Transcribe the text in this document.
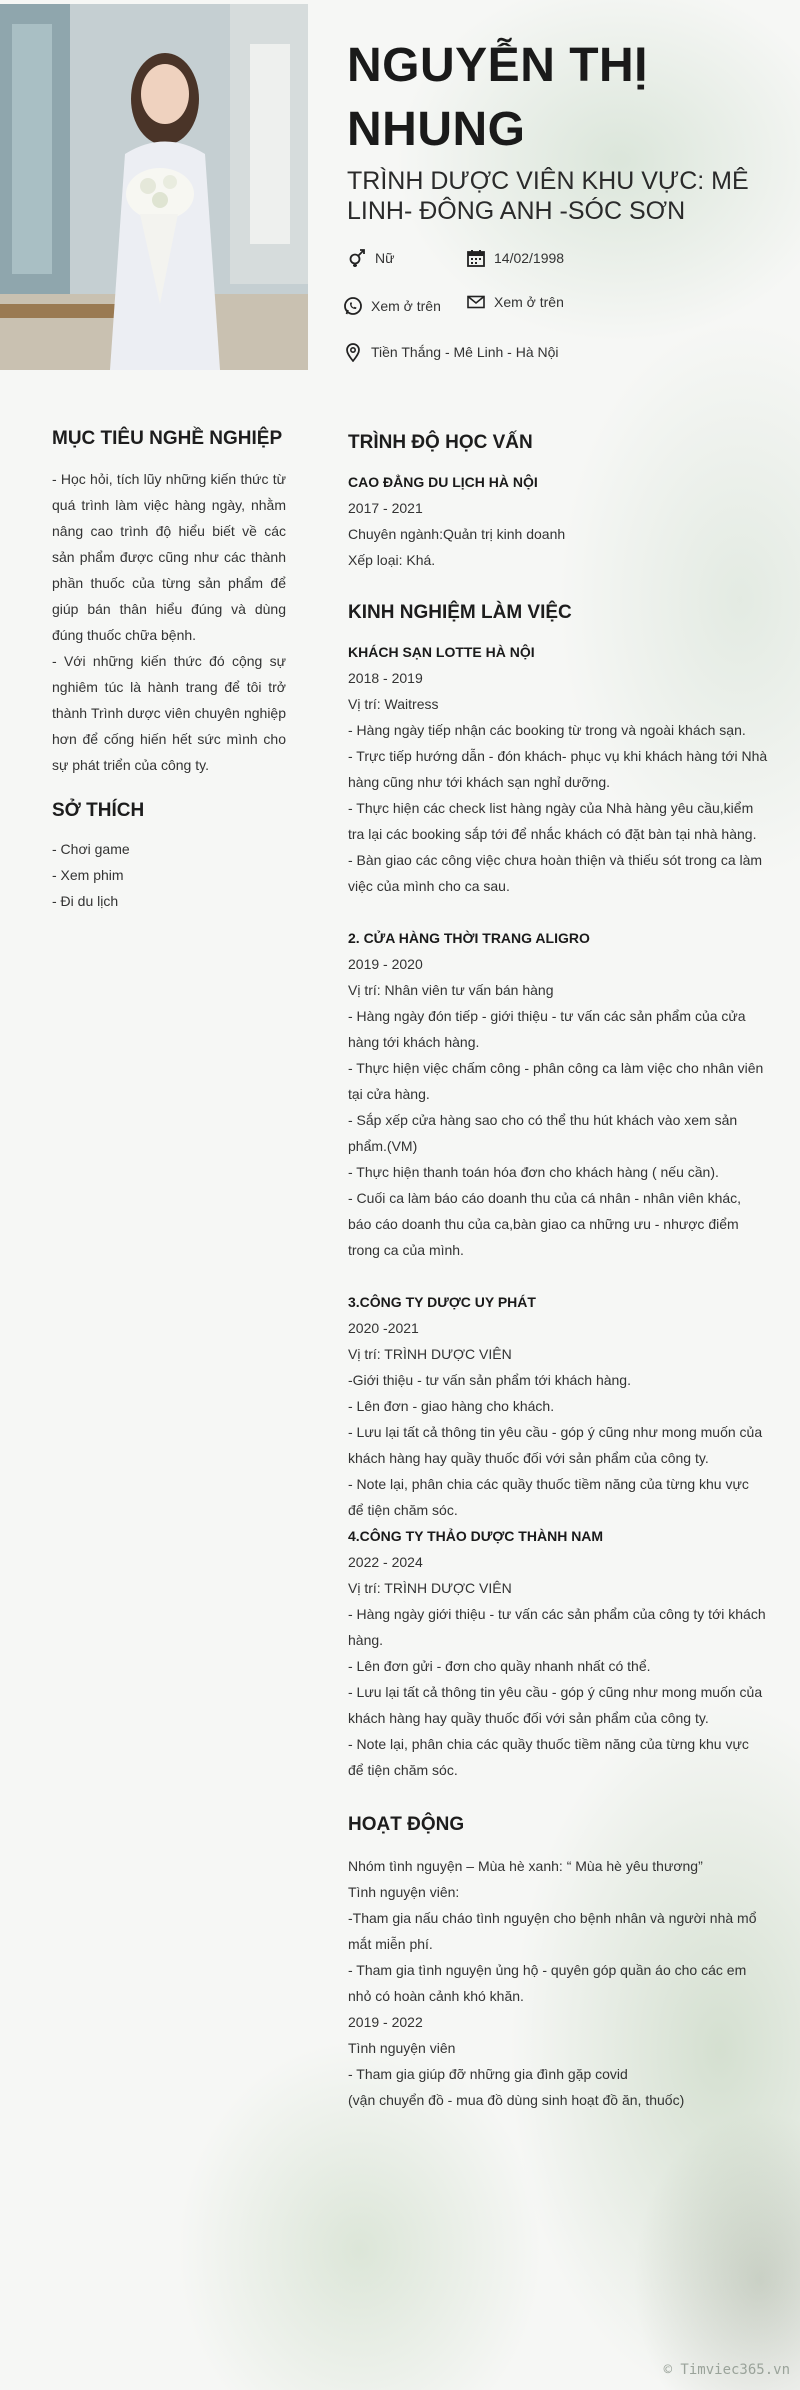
NGUYỄN THỊ NHUNG
TRÌNH DƯỢC VIÊN KHU VỰC: MÊ LINH- ĐÔNG ANH -SÓC SƠN
Nữ	14/02/1998
Xem ở trên	Xem ở trên
Tiền Thắng - Mê Linh - Hà Nội
MỤC TIÊU NGHỀ NGHIỆP

- Học hỏi, tích lũy những kiến thức từ quá trình làm việc hàng ngày, nhằm nâng cao trình độ hiểu biết về các sản phẩm được cũng như các thành phần thuốc của từng sản phẩm để giúp bán thân hiểu đúng và dùng đúng thuốc chữa bệnh.

- Với những kiến thức đó cộng sự nghiêm túc là hành trang để tôi trở thành Trình dược viên chuyên nghiệp hơn để cống hiến hết sức mình cho sự phát triển của công ty.

SỞ THÍCH

- Chơi game

- Xem phim

- Đi du lịch

TRÌNH ĐỘ HỌC VẤN

CAO ĐẲNG DU LỊCH HÀ NỘI

2017 - 2021

Chuyên ngành:Quản trị kinh doanh

Xếp loại: Khá.

KINH NGHIỆM LÀM VIỆC

KHÁCH SẠN LOTTE HÀ NỘI

2018 - 2019

Vị trí: Waitress

- Hàng ngày tiếp nhận các booking từ trong và ngoài khách sạn.

- Trực tiếp hướng dẫn - đón khách- phục vụ khi khách hàng tới Nhà hàng cũng như tới khách sạn nghỉ dưỡng.

- Thực hiện các check list hàng ngày của Nhà hàng yêu cầu,kiểm tra lại các booking sắp tới để nhắc khách có đặt bàn tại nhà hàng.

- Bàn giao các công việc chưa hoàn thiện và thiếu sót trong ca làm việc của mình cho ca sau.

2. CỬA HÀNG THỜI TRANG ALIGRO

2019 - 2020

Vị trí: Nhân viên tư vấn bán hàng

- Hàng ngày đón tiếp - giới thiệu - tư vấn các sản phẩm của cửa hàng tới khách hàng.

- Thực hiện việc chấm công - phân công ca làm việc cho nhân viên tại cửa hàng.

- Sắp xếp cửa hàng sao cho có thể thu hút khách vào xem sản phẩm.(VM)

- Thực hiện thanh toán hóa đơn cho khách hàng ( nếu cần).

- Cuối ca làm báo cáo doanh thu của cá nhân - nhân viên khác, báo cáo doanh thu của ca,bàn giao ca những ưu - nhược điểm trong ca của mình.

3.CÔNG TY DƯỢC UY PHÁT

2020 -2021

Vị trí: TRÌNH DƯỢC VIÊN

-Giới thiệu - tư vấn sản phẩm tới khách hàng.

- Lên đơn - giao hàng cho khách.

- Lưu lại tất cả thông tin yêu cầu - góp ý cũng như mong muốn của khách hàng hay quầy thuốc đối với sản phẩm của công ty.

- Note lại, phân chia các quầy thuốc tiềm năng của từng khu vực để tiện chăm sóc.

4.CÔNG TY THẢO DƯỢC THÀNH NAM

2022 - 2024

Vị trí: TRÌNH DƯỢC VIÊN

- Hàng ngày giới thiệu - tư vấn các sản phẩm của công ty tới khách hàng.

- Lên đơn gửi - đơn cho quầy nhanh nhất có thể.

- Lưu lại tất cả thông tin yêu cầu - góp ý cũng như mong muốn của khách hàng hay quầy thuốc đối với sản phẩm của công ty.

- Note lại, phân chia các quầy thuốc tiềm năng của từng khu vực để tiện chăm sóc.

HOẠT ĐỘNG

Nhóm tình nguyện – Mùa hè xanh: “ Mùa hè yêu thương”

Tình nguyện viên:

-Tham gia nấu cháo tình nguyện cho bệnh nhân và người nhà mổ mắt miễn phí.

- Tham gia tình nguyện ủng hộ - quyên góp quần áo cho các em nhỏ có hoàn cảnh khó khăn.

2019 - 2022

Tình nguyện viên

- Tham gia giúp đỡ những gia đình gặp covid

(vận chuyển đồ - mua đồ dùng sinh hoạt đồ ăn, thuốc)

© Timviec365.vn
